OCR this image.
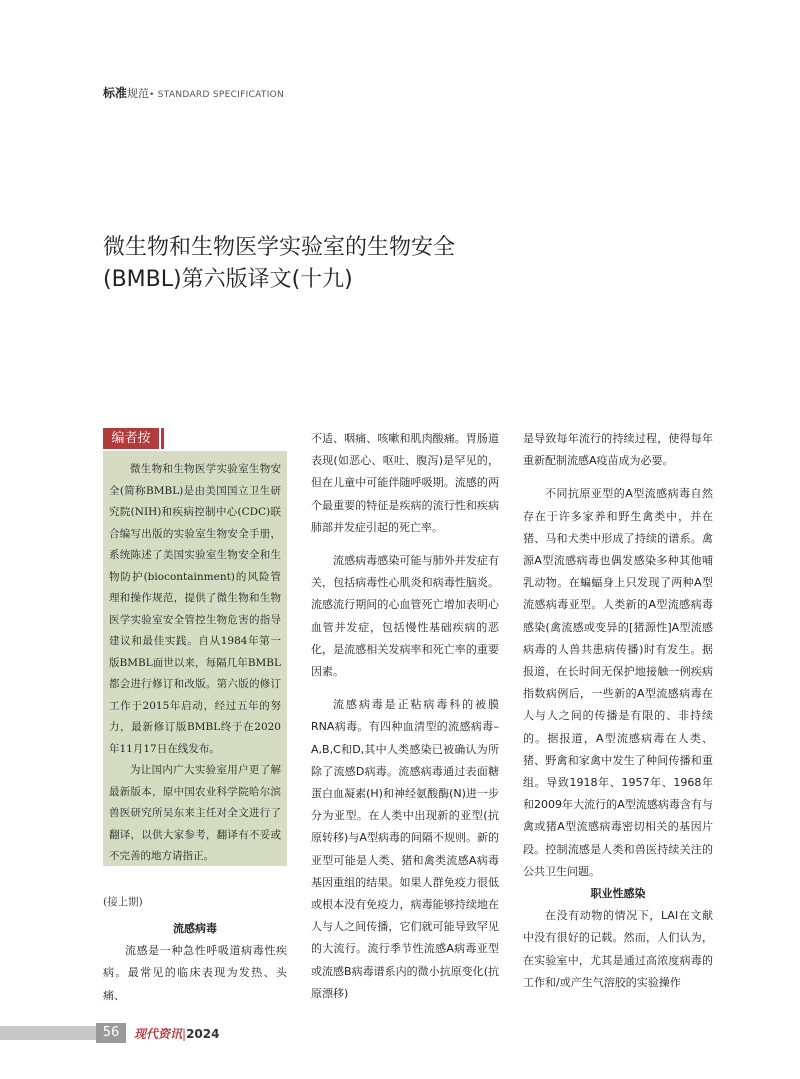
标准规范• STANDARD SPECIFICATION
微生物和生物医学实验室的生物安全
(BMBL)第六版译文(十九)
编者按

微生物和生物医学实验室生物安全(简称BMBL)是由美国国立卫生研究院(NIH)和疾病控制中心(CDC)联合编写出版的实验室生物安全手册，系统陈述了美国实验室生物安全和生物防护(biocontainment)的风险管理和操作规范，提供了微生物和生物医学实验室安全管控生物危害的指导建议和最佳实践。自从1984年第一版BMBL面世以来，每隔几年BMBL都会进行修订和改版。第六版的修订工作于2015年启动，经过五年的努力，最新修订版BMBL终于在2020年11月17日在线发布。

为让国内广大实验室用户更了解最新版本，原中国农业科学院哈尔滨兽医研究所吴东来主任对全文进行了翻译，以供大家参考，翻译有不妥或不完善的地方请指正。

(接上期)

流感病毒

流感是一种急性呼吸道病毒性疾病。最常见的临床表现为发热、头痛、

不适、咽痛、咳嗽和肌肉酸痛。胃肠道表现(如恶心、呕吐、腹泻)是罕见的，但在儿童中可能伴随呼吸期。流感的两个最重要的特征是疾病的流行性和疾病肺部并发症引起的死亡率。

流感病毒感染可能与肺外并发症有关，包括病毒性心肌炎和病毒性脑炎。流感流行期间的心血管死亡增加表明心血管并发症，包括慢性基础疾病的恶化，是流感相关发病率和死亡率的重要因素。

流感病毒是正粘病毒科的被膜RNA病毒。有四种血清型的流感病毒–A,B,C和D,其中人类感染已被确认为所除了流感D病毒。流感病毒通过表面糖蛋白血凝素(H)和神经氨酸酶(N)进一步分为亚型。在人类中出现新的亚型(抗原转移)与A型病毒的间隔不规则。新的亚型可能是人类、猪和禽类流感A病毒基因重组的结果。如果人群免疫力很低或根本没有免疫力，病毒能够持续地在人与人之间传播，它们就可能导致罕见的大流行。流行季节性流感A病毒亚型或流感B病毒谱系内的微小抗原变化(抗原漂移)

是导致每年流行的持续过程，使得每年重新配制流感A疫苗成为必要。

不同抗原亚型的A型流感病毒自然存在于许多家养和野生禽类中，并在猪、马和犬类中形成了持续的谱系。禽源A型流感病毒也偶发感染多种其他哺乳动物。在蝙蝠身上只发现了两种A型流感病毒亚型。人类新的A型流感病毒感染(禽流感或变异的[猪源性]A型流感病毒的人兽共患病传播)时有发生。据报道，在长时间无保护地接触一例疾病指数病例后，一些新的A型流感病毒在人与人之间的传播是有限的、非持续的。据报道，A型流感病毒在人类、猪、野禽和家禽中发生了种间传播和重组。导致1918年、1957年、1968年和2009年大流行的A型流感病毒含有与禽或猪A型流感病毒密切相关的基因片段。控制流感是人类和兽医持续关注的公共卫生问题。

职业性感染

在没有动物的情况下，LAI在文献中没有很好的记载。然而，人们认为，在实验室中，尤其是通过高浓度病毒的工作和/或产生气溶胶的实验操作

56	现代资讯|2024
